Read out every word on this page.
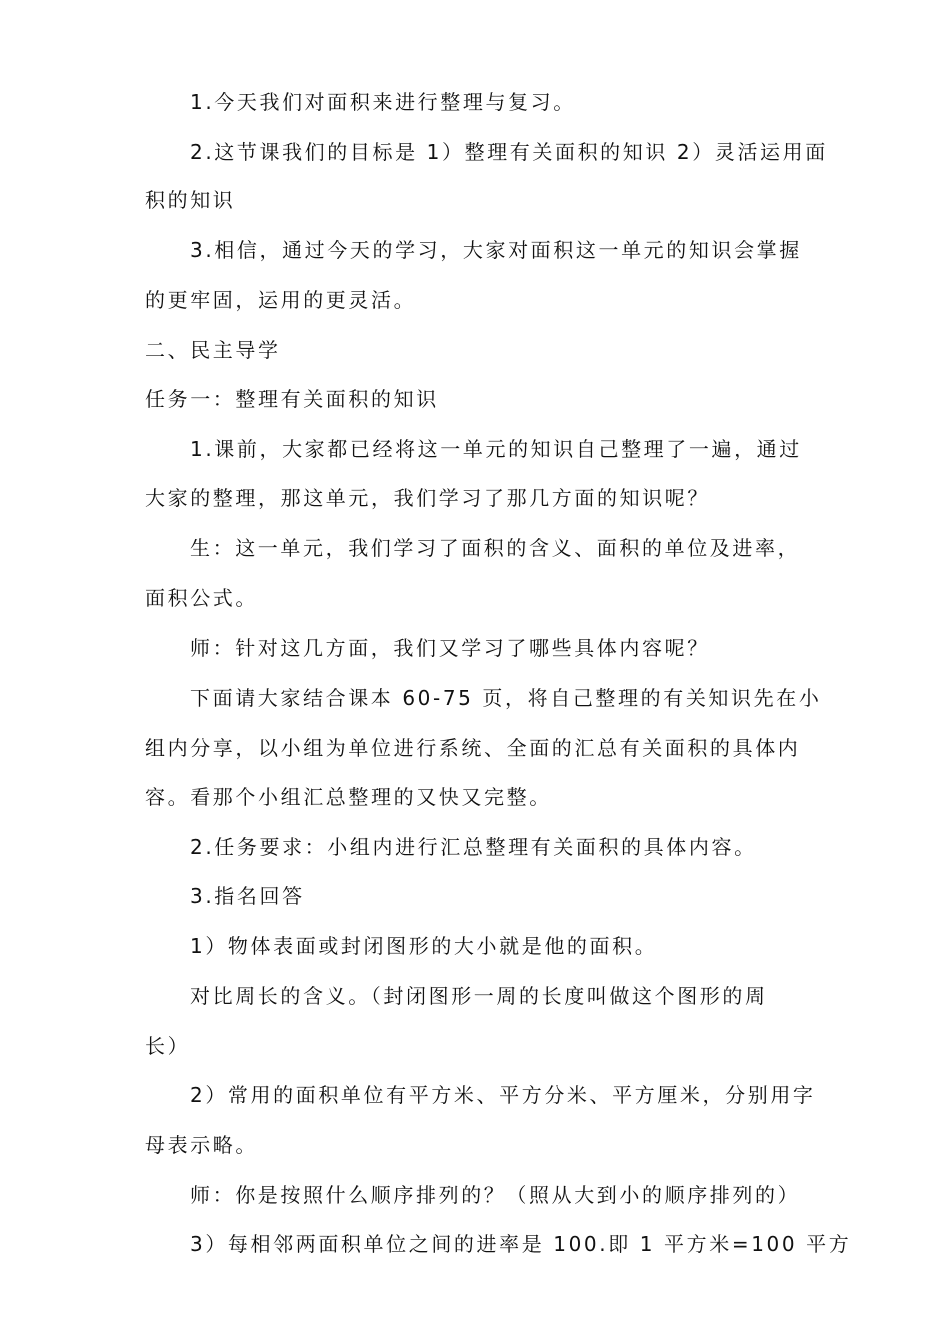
1.今天我们对面积来进行整理与复习。
2.这节课我们的目标是 1）整理有关面积的知识 2）灵活运用面
积的知识
3.相信，通过今天的学习，大家对面积这一单元的知识会掌握
的更牢固，运用的更灵活。
二、民主导学
任务一：整理有关面积的知识
1.课前，大家都已经将这一单元的知识自己整理了一遍，通过
大家的整理，那这单元，我们学习了那几方面的知识呢？
生：这一单元，我们学习了面积的含义、面积的单位及进率，
面积公式。
师：针对这几方面，我们又学习了哪些具体内容呢？
下面请大家结合课本 60-75 页，将自己整理的有关知识先在小
组内分享，以小组为单位进行系统、全面的汇总有关面积的具体内
容。看那个小组汇总整理的又快又完整。
2.任务要求：小组内进行汇总整理有关面积的具体内容。
3.指名回答
1）物体表面或封闭图形的大小就是他的面积。
对比周长的含义。（封闭图形一周的长度叫做这个图形的周
长）
2）常用的面积单位有平方米、平方分米、平方厘米，分别用字
母表示略。
师：你是按照什么顺序排列的？（照从大到小的顺序排列的）
3）每相邻两面积单位之间的进率是 100.即 1 平方米=100 平方
